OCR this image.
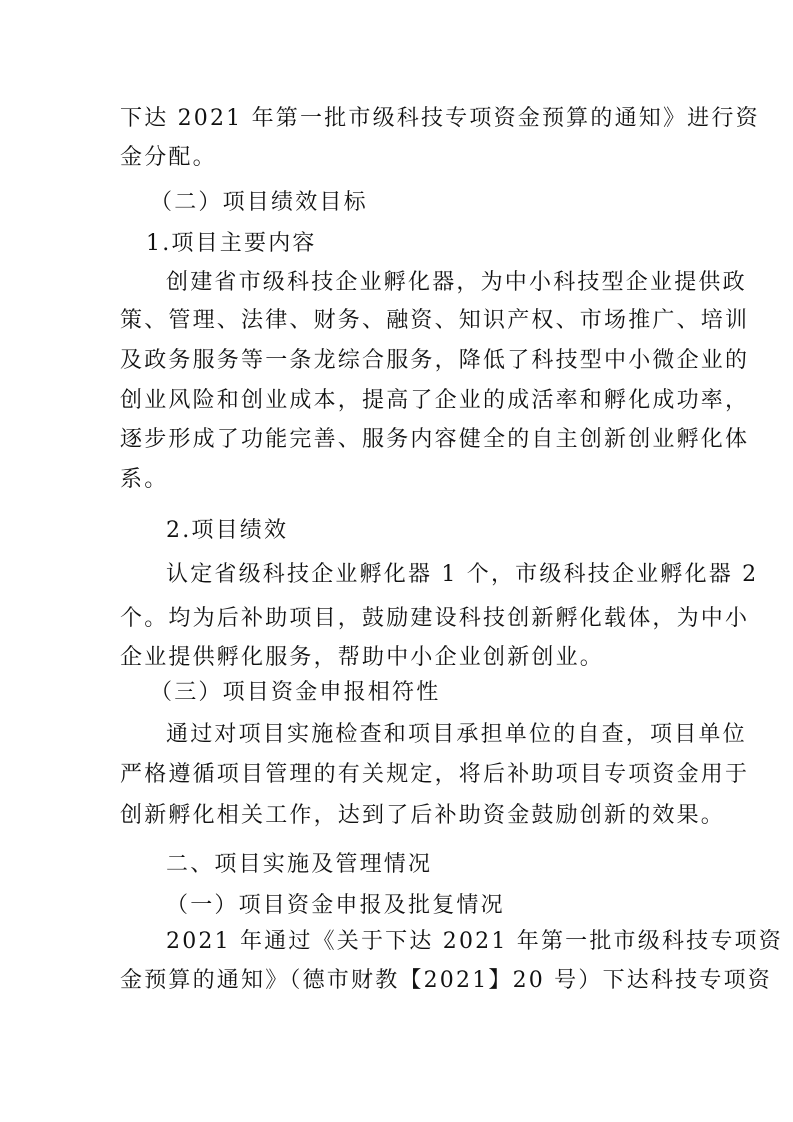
下达 2021 年第一批市级科技专项资金预算的通知》进行资
金分配。
（二）项目绩效目标
1.项目主要内容
创建省市级科技企业孵化器，为中小科技型企业提供政
策、管理、法律、财务、融资、知识产权、市场推广、培训
及政务服务等一条龙综合服务，降低了科技型中小微企业的
创业风险和创业成本，提高了企业的成活率和孵化成功率，
逐步形成了功能完善、服务内容健全的自主创新创业孵化体
系。
2.项目绩效
认定省级科技企业孵化器 1 个，市级科技企业孵化器 2
个。均为后补助项目，鼓励建设科技创新孵化载体，为中小
企业提供孵化服务，帮助中小企业创新创业。
（三）项目资金申报相符性
通过对项目实施检查和项目承担单位的自查，项目单位
严格遵循项目管理的有关规定，将后补助项目专项资金用于
创新孵化相关工作，达到了后补助资金鼓励创新的效果。
二、项目实施及管理情况
（一）项目资金申报及批复情况
2021 年通过《关于下达 2021 年第一批市级科技专项资
金预算的通知》（德市财教【2021】20 号）下达科技专项资
